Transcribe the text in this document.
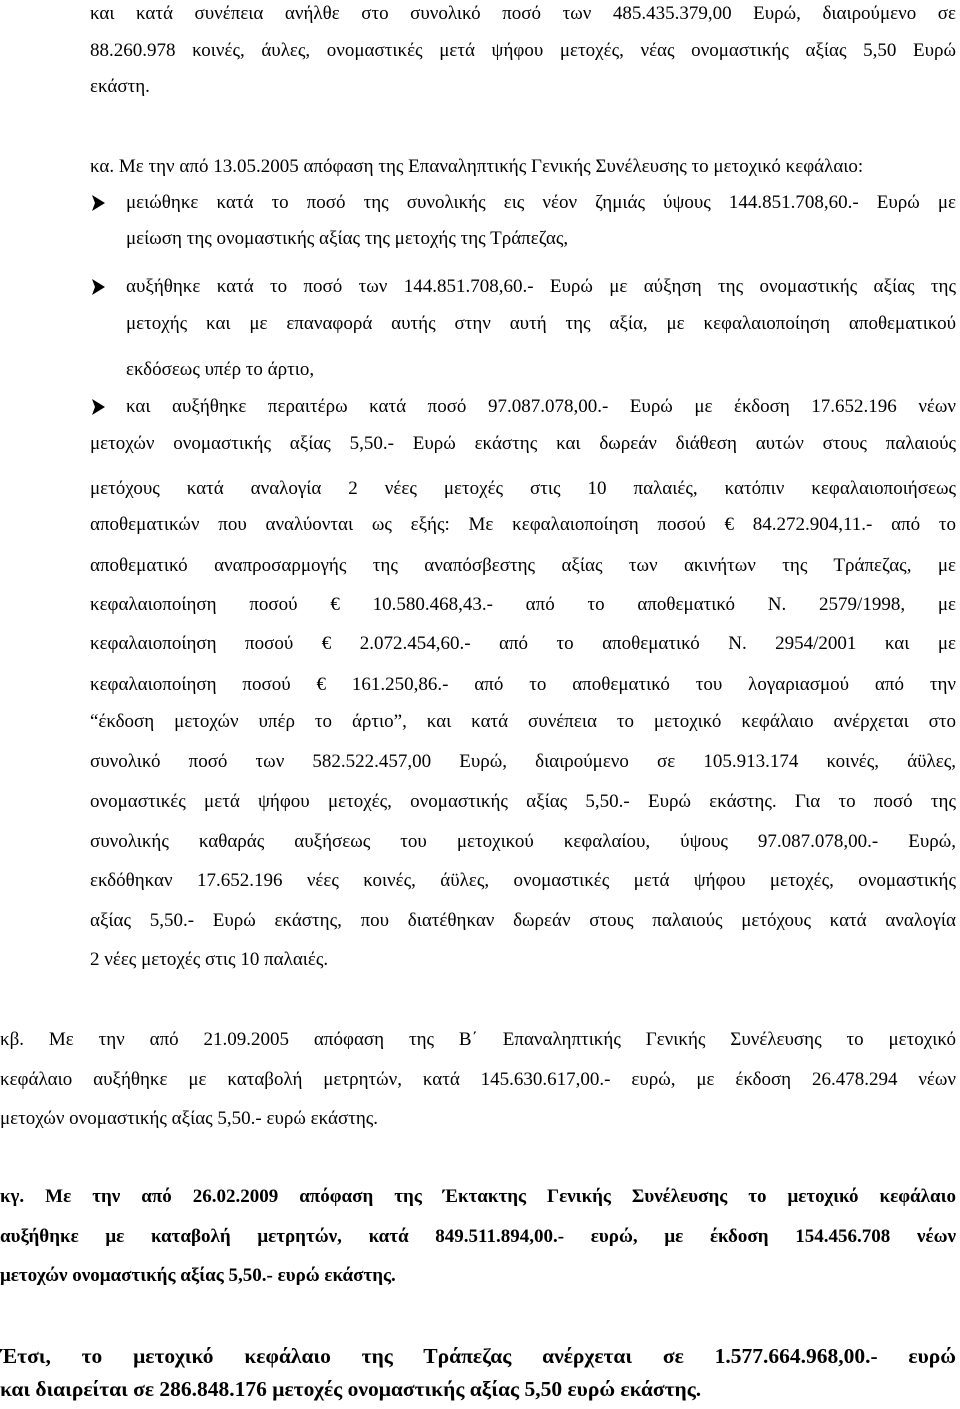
και κατά συνέπεια ανήλθε στο συνολικό ποσό των 485.435.379,00 Ευρώ, διαιρούμενο σε
88.260.978 κοινές, άυλες, ονομαστικές μετά ψήφου μετοχές, νέας ονομαστικής αξίας 5,50 Ευρώ
εκάστη.
κα. Με την από 13.05.2005 απόφαση της Επαναληπτικής Γενικής Συνέλευσης το μετοχικό κεφάλαιο:
μειώθηκε κατά το ποσό της συνολικής εις νέον ζημιάς ύψους 144.851.708,60.- Ευρώ με
μείωση της ονομαστικής αξίας της μετοχής της Τράπεζας,
αυξήθηκε κατά το ποσό των 144.851.708,60.- Ευρώ με αύξηση της ονομαστικής αξίας της
μετοχής και με επαναφορά αυτής στην αυτή της αξία, με κεφαλαιοποίηση αποθεματικού
εκδόσεως υπέρ το άρτιο,
και αυξήθηκε περαιτέρω κατά ποσό 97.087.078,00.- Ευρώ με έκδοση 17.652.196 νέων
μετοχών ονομαστικής αξίας 5,50.- Ευρώ εκάστης και δωρεάν διάθεση αυτών στους παλαιούς
μετόχους κατά αναλογία 2 νέες μετοχές στις 10 παλαιές, κατόπιν κεφαλαιοποιήσεως
αποθεματικών που αναλύονται ως εξής: Με κεφαλαιοποίηση ποσού € 84.272.904,11.- από το
αποθεματικό αναπροσαρμογής της αναπόσβεστης αξίας των ακινήτων της Τράπεζας, με
κεφαλαιοποίηση ποσού € 10.580.468,43.- από το αποθεματικό Ν. 2579/1998, με
κεφαλαιοποίηση ποσού € 2.072.454,60.- από το αποθεματικό Ν. 2954/2001 και με
κεφαλαιοποίηση ποσού € 161.250,86.- από το αποθεματικό του λογαριασμού από την
“έκδοση μετοχών υπέρ το άρτιο”, και κατά συνέπεια το μετοχικό κεφάλαιο ανέρχεται στο
συνολικό ποσό των 582.522.457,00 Ευρώ, διαιρούμενο σε 105.913.174 κοινές, άϋλες,
ονομαστικές μετά ψήφου μετοχές, ονομαστικής αξίας 5,50.- Ευρώ εκάστης. Για το ποσό της
συνολικής καθαράς αυξήσεως του μετοχικού κεφαλαίου, ύψους 97.087.078,00.- Ευρώ,
εκδόθηκαν 17.652.196 νέες κοινές, άϋλες, ονομαστικές μετά ψήφου μετοχές, ονομαστικής
αξίας 5,50.- Ευρώ εκάστης, που διατέθηκαν δωρεάν στους παλαιούς μετόχους κατά αναλογία
2 νέες μετοχές στις 10 παλαιές.
κβ. Με την από 21.09.2005 απόφαση της Β΄ Επαναληπτικής Γενικής Συνέλευσης το μετοχικό
κεφάλαιο αυξήθηκε με καταβολή μετρητών, κατά 145.630.617,00.- ευρώ, με έκδοση 26.478.294 νέων
μετοχών ονομαστικής αξίας 5,50.- ευρώ εκάστης.
κγ. Με την από 26.02.2009 απόφαση της Έκτακτης Γενικής Συνέλευσης το μετοχικό κεφάλαιο
αυξήθηκε με καταβολή μετρητών, κατά 849.511.894,00.- ευρώ, με έκδοση 154.456.708 νέων
μετοχών ονομαστικής αξίας 5,50.- ευρώ εκάστης.
Έτσι, το μετοχικό κεφάλαιο της Τράπεζας ανέρχεται σε 1.577.664.968,00.- ευρώ
και διαιρείται σε 286.848.176 μετοχές ονομαστικής αξίας 5,50 ευρώ εκάστης.
